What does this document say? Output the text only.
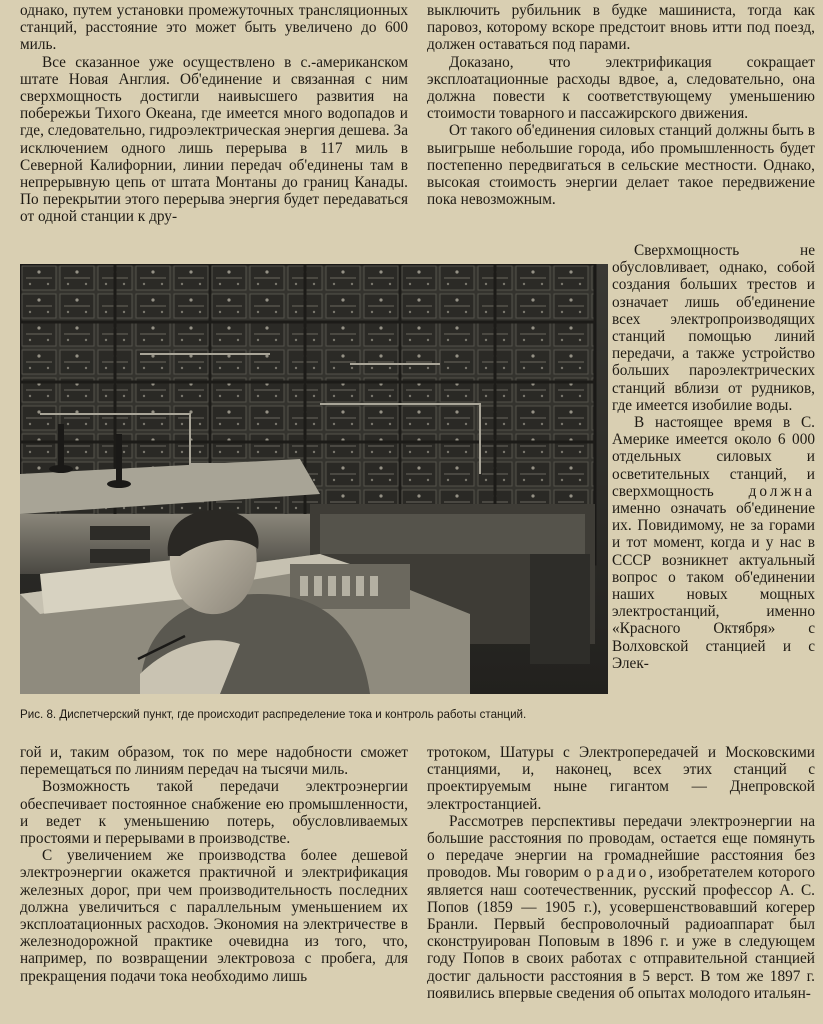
однако, путем установки промежуточных трансляционных станций, расстояние это может быть увеличено до 600 миль.

Все сказанное уже осуществлено в с.-американском штате Новая Англия. Об'единение и связанная с ним сверхмощность достигли наивысшего развития на побережьи Тихого Океана, где имеется много водопадов и где, следовательно, гидроэлектрическая энергия дешева. За исключением одного лишь перерыва в 117 миль в Северной Калифорнии, линии передач об'единены там в непрерывную цепь от штата Монтаны до границ Канады. По перекрытии этого перерыва энергия будет передаваться от одной станции к дру-

выключить рубильник в будке машиниста, тогда как паровоз, которому вскоре предстоит вновь итти под поезд, должен оставаться под парами.

Доказано, что электрификация сокращает эксплоатационные расходы вдвое, а, следовательно, она должна повести к соответствующему уменьшению стоимости товарного и пассажирского движения.

От такого об'единения силовых станций должны быть в выигрыше небольшие города, ибо промышленность будет постепенно передвигаться в сельские местности. Однако, высокая стоимость энергии делает такое передвижение пока невозможным.

Рис. 8. Диспетчерский пункт, где происходит распределение тока и контроль работы станций.

Сверхмощность не обусловливает, однако, собой создания больших трестов и означает лишь об'единение всех электропроизводящих станций помощью линий передачи, а также устройство больших пароэлектрических станций вблизи от рудников, где имеется изобилие воды.

В настоящее время в С. Америке имеется около 6 000 отдельных силовых и осветительных станций, и сверхмощность должна именно означать об'единение их. Повидимому, не за горами и тот момент, когда и у нас в СССР возникнет актуальный вопрос о таком об'единении наших новых мощных электростанций, именно «Красного Октября» с Волховской станцией и с Элек-

гой и, таким образом, ток по мере надобности сможет перемещаться по линиям передач на тысячи миль.

Возможность такой передачи электроэнергии обеспечивает постоянное снабжение ею промышленности, и ведет к уменьшению потерь, обусловливаемых простоями и перерывами в производстве.

С увеличением же производства более дешевой электроэнергии окажется практичной и электрификация железных дорог, при чем производительность последних должна увеличиться с параллельным уменьшением их эксплоатационных расходов. Экономия на электричестве в железнодорожной практике очевидна из того, что, например, по возвращении электровоза с пробега, для прекращения подачи тока необходимо лишь

тротоком, Шатуры с Электропередачей и Московскими станциями, и, наконец, всех этих станций с проектируемым ныне гигантом — Днепровской электростанцией.

Рассмотрев перспективы передачи электроэнергии на большие расстояния по проводам, остается еще помянуть о передаче энергии на громаднейшие расстояния без проводов. Мы говорим о радио, изобретателем которого является наш соотечественник, русский профессор А. С. Попов (1859 — 1905 г.), усовершенствовавший когерер Бранли. Первый беспроволочный радиоаппарат был сконструирован Поповым в 1896 г. и уже в следующем году Попов в своих работах с отправительной станцией достиг дальности расстояния в 5 верст. В том же 1897 г. появились впервые сведения об опытах молодого итальян-
